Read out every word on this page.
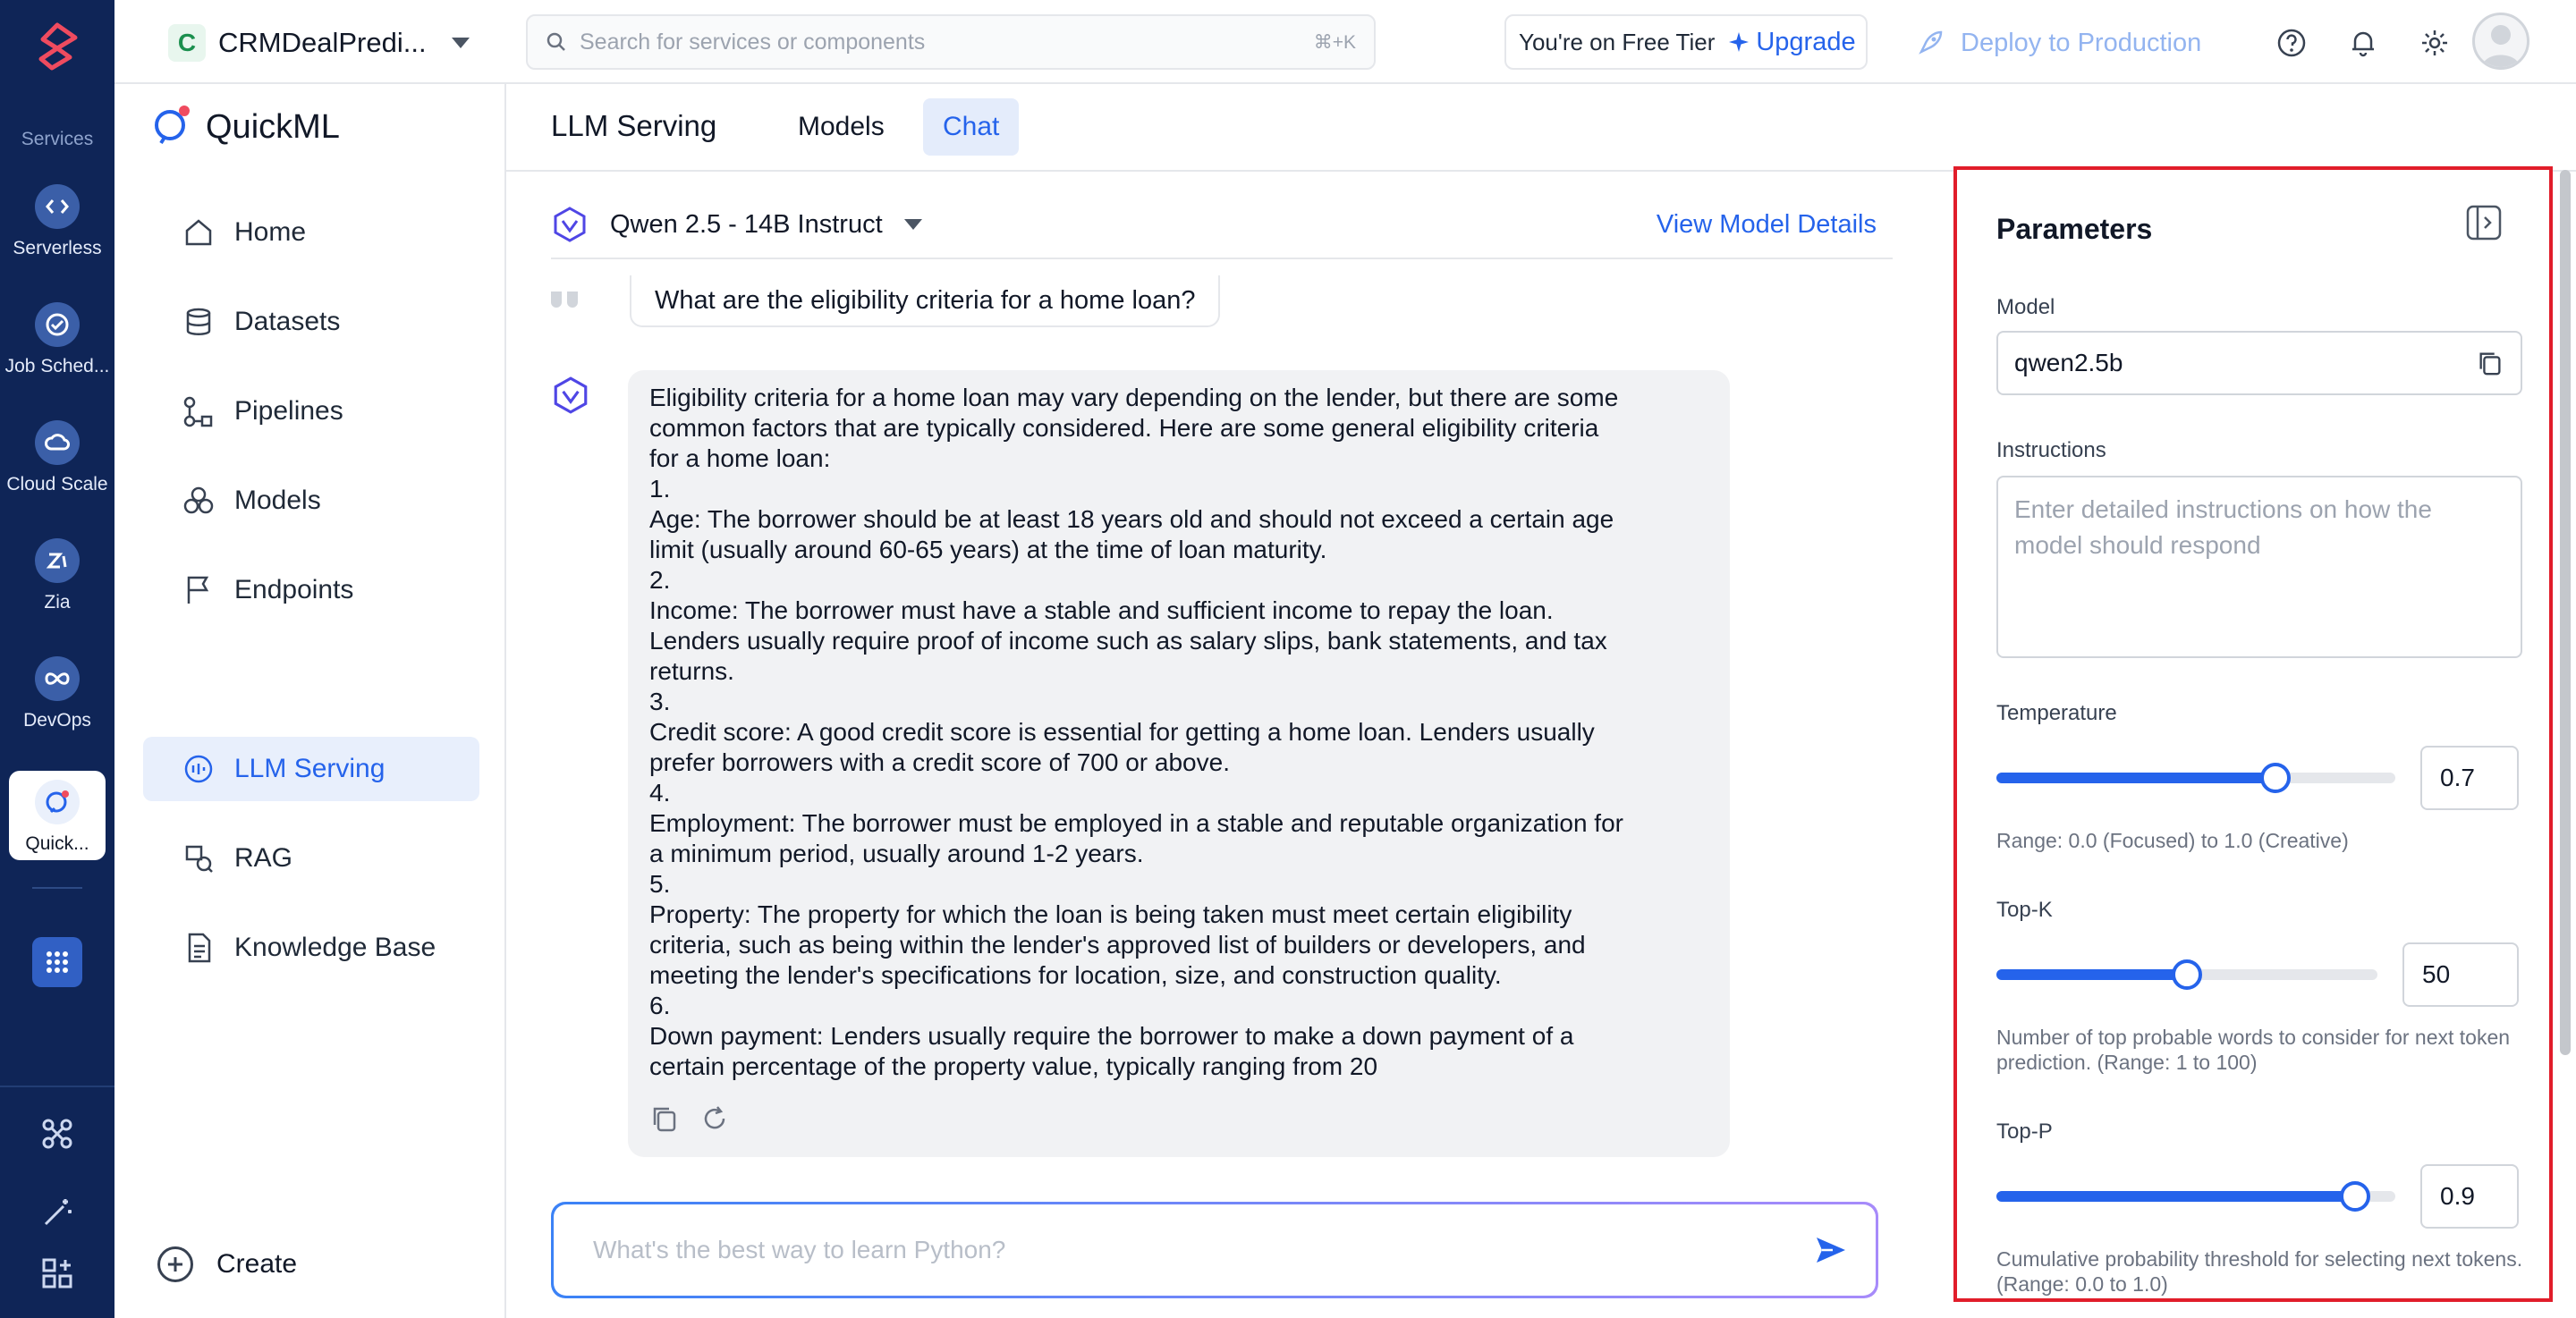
Services
Serverless
Job Sched...
Cloud Scale
Zia
DevOps
Quick...
C CRMDealPredi...	Search for services or components	⌘+K	You're on Free Tier Upgrade	Deploy to Production
QuickML
Home
Datasets
Pipelines
Models
Endpoints
LLM Serving
RAG
Knowledge Base
Create
LLM Serving	Models	Chat
Qwen 2.5 - 14B Instruct	View Model Details
What are the eligibility criteria for a home loan?
Eligibility criteria for a home loan may vary depending on the lender, but there are some
common factors that are typically considered. Here are some general eligibility criteria
for a home loan:
1.
Age: The borrower should be at least 18 years old and should not exceed a certain age
limit (usually around 60-65 years) at the time of loan maturity.
2.
Income: The borrower must have a stable and sufficient income to repay the loan.
Lenders usually require proof of income such as salary slips, bank statements, and tax
returns.
3.
Credit score: A good credit score is essential for getting a home loan. Lenders usually
prefer borrowers with a credit score of 700 or above.
4.
Employment: The borrower must be employed in a stable and reputable organization for
a minimum period, usually around 1-2 years.
5.
Property: The property for which the loan is being taken must meet certain eligibility
criteria, such as being within the lender's approved list of builders or developers, and
meeting the lender's specifications for location, size, and construction quality.
6.
Down payment: Lenders usually require the borrower to make a down payment of a
certain percentage of the property value, typically ranging from 20
What's the best way to learn Python?
Parameters
Model
qwen2.5b
Instructions
Enter detailed instructions on how the model should respond
Temperature
0.7
Range: 0.0 (Focused) to 1.0 (Creative)
Top-K
50
Number of top probable words to consider for next token prediction. (Range: 1 to 100)
Top-P
0.9
Cumulative probability threshold for selecting next tokens. (Range: 0.0 to 1.0)
